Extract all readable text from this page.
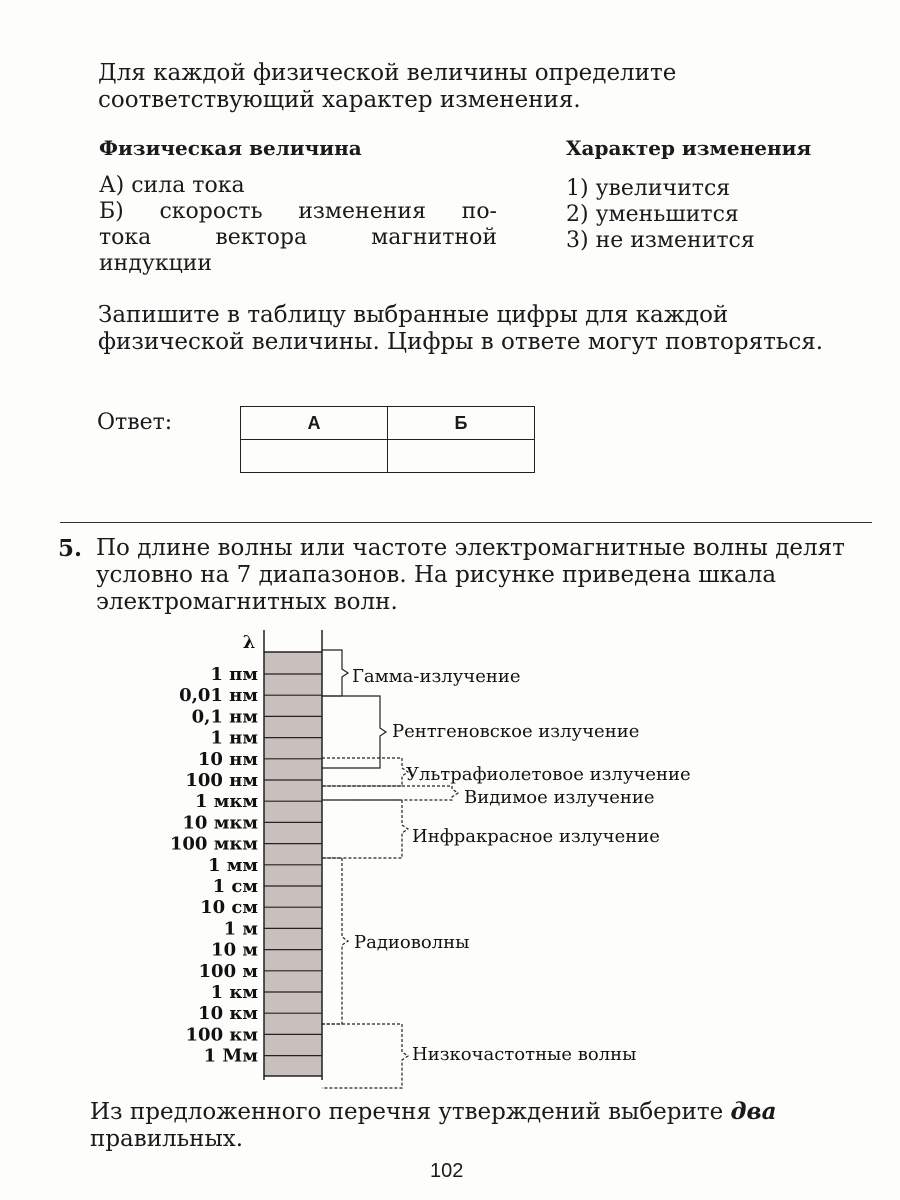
Для каждой физической величины определите соответствующий характер изменения.

Физическая величина	Характер изменения
А) сила тока
Б) скорость изменения по-
тока вектора магнитной
индукции
1) увеличится
2) уменьшится
3) не изменится

Запишите в таблицу выбранные цифры для каждой физической величины. Цифры в ответе могут повторяться.

Ответ:	А	Б

5. По длине волны или частоте электромагнитные волны делят условно на 7 диапазонов. На рисунке приведена шкала электромагнитных волн.

λ
1 пм
0,01 нм
0,1 нм
1 нм
10 нм
100 нм
1 мкм
10 мкм
100 мкм
1 мм
1 см
10 см
1 м
10 м
100 м
1 км
10 км
100 км
1 Мм
Гамма-излучение
Рентгеновское излучение
Ультрафиолетовое излучение
Видимое излучение
Инфракрасное излучение
Радиоволны
Низкочастотные волны

Из предложенного перечня утверждений выберите два правильных.

102
